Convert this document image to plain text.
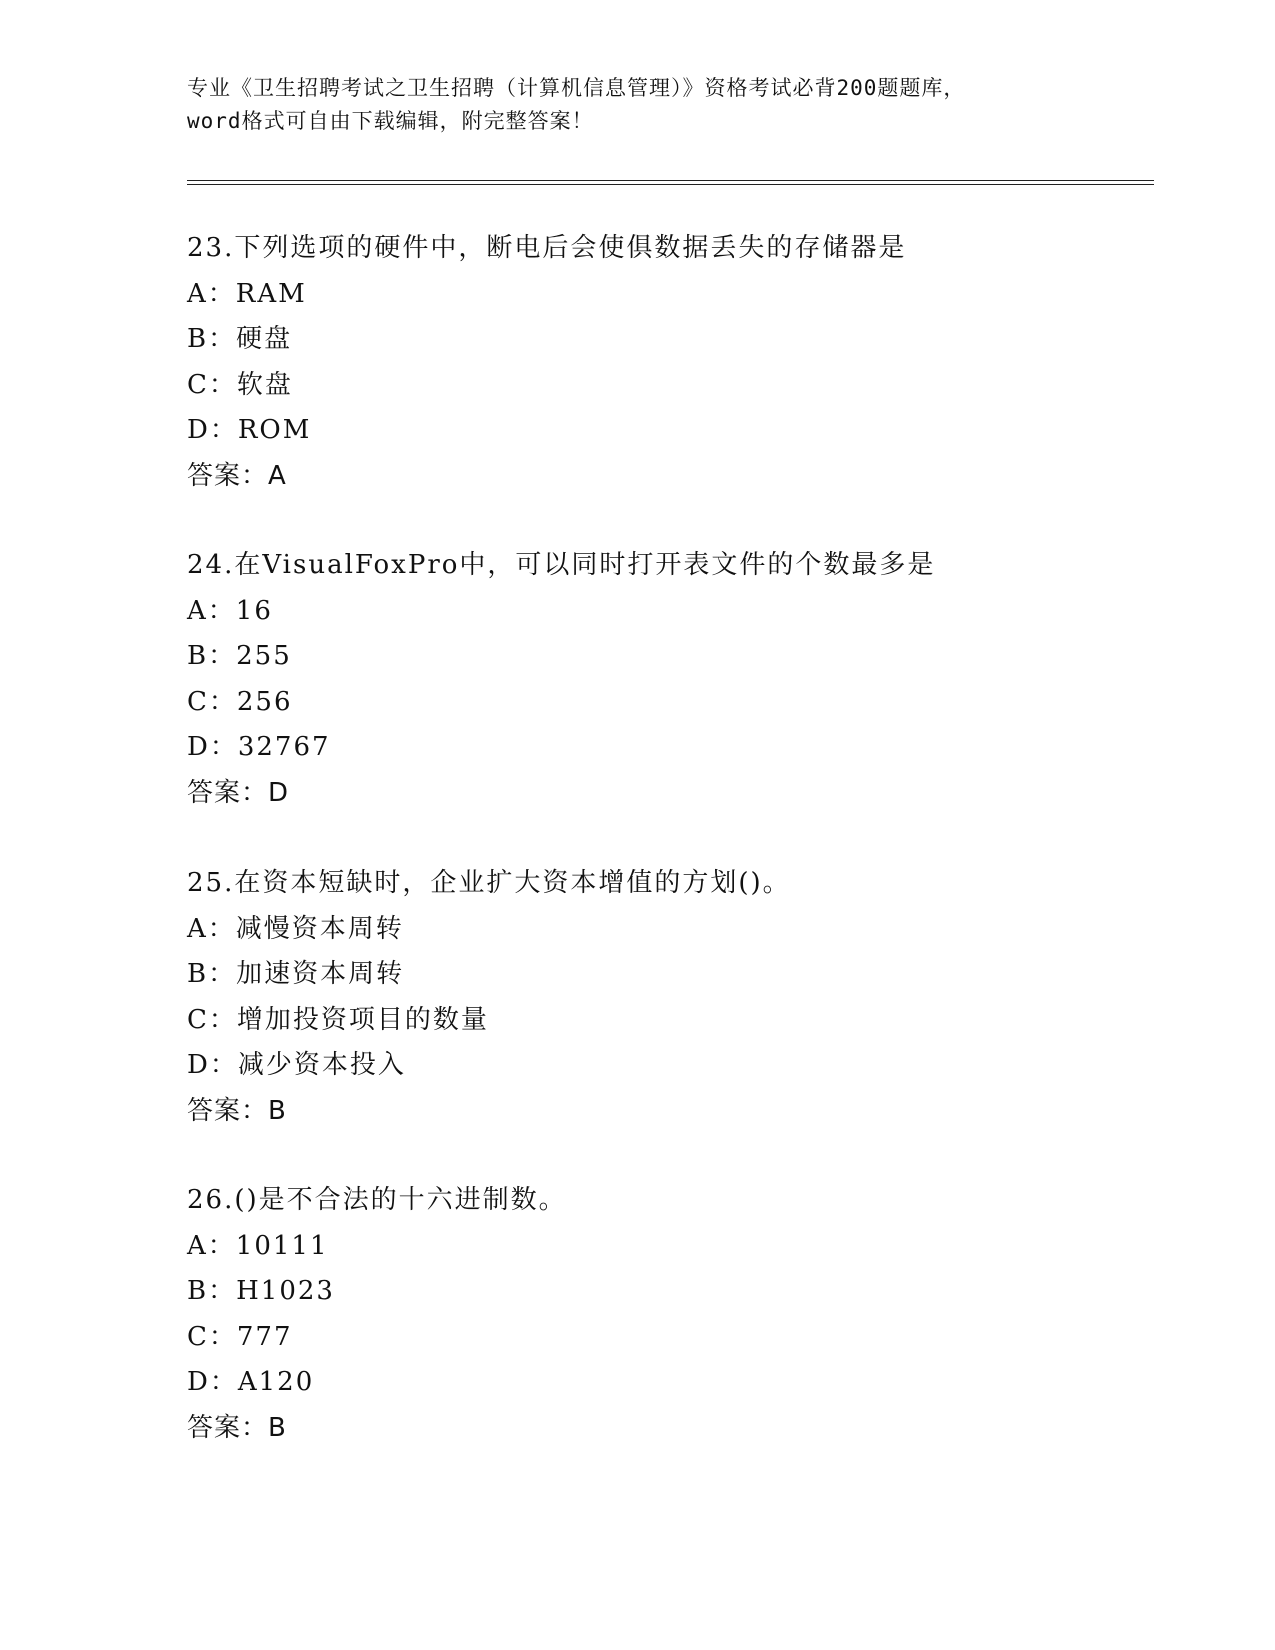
专业《卫生招聘考试之卫生招聘（计算机信息管理）》资格考试必背200题题库，
word格式可自由下载编辑，附完整答案！
23.下列选项的硬件中，断电后会使俱数据丢失的存储器是
A：RAM
B：硬盘
C：软盘
D：ROM
答案：A
24.在VisualFoxPro中，可以同时打开表文件的个数最多是
A：16
B：255
C：256
D：32767
答案：D
25.在资本短缺时，企业扩大资本增值的方划()。
A：减慢资本周转
B：加速资本周转
C：增加投资项目的数量
D：减少资本投入
答案：B
26.()是不合法的十六进制数。
A：10111
B：H1023
C：777
D：A120
答案：B
